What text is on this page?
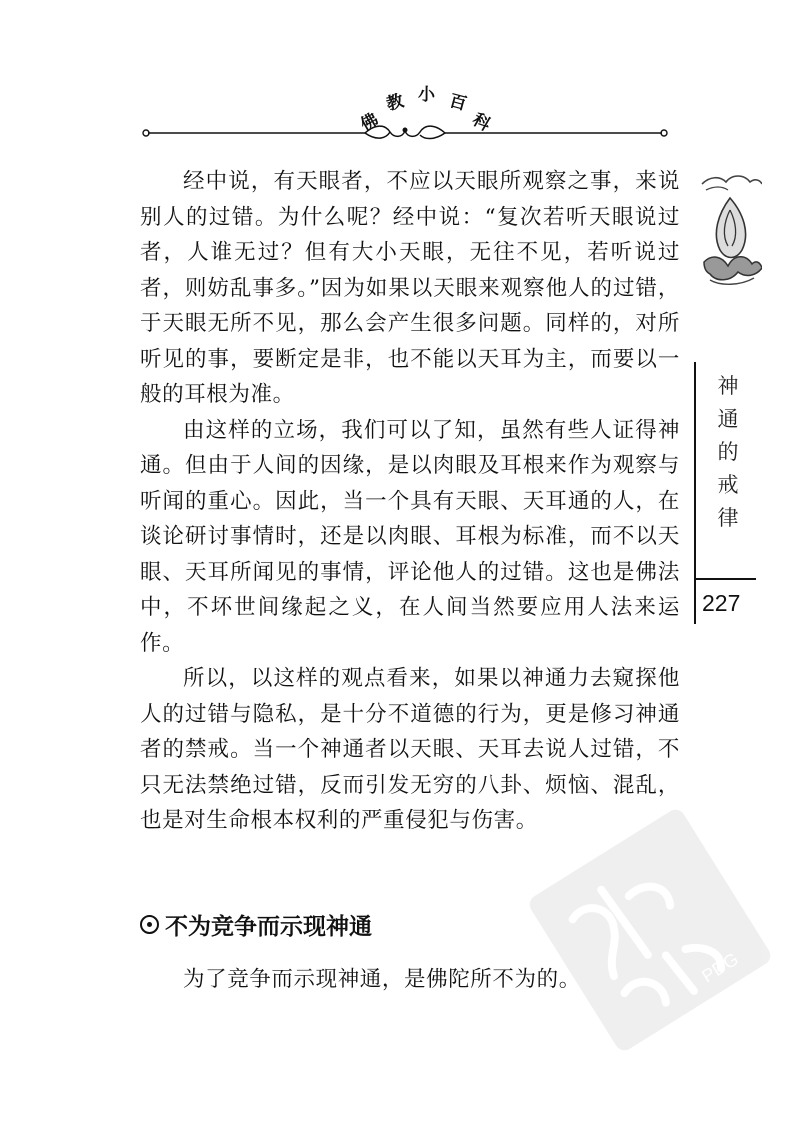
佛
教 小 百
科

经中说，有天眼者，不应以天眼所观察之事，来说别人的过错。为什么呢？经中说：“复次若听天眼说过者，人谁无过？但有大小天眼，无往不见，若听说过者，则妨乱事多。”因为如果以天眼来观察他人的过错，于天眼无所不见，那么会产生很多问题。同样的，对所听见的事，要断定是非，也不能以天耳为主，而要以一般的耳根为准。

由这样的立场，我们可以了知，虽然有些人证得神通。但由于人间的因缘，是以肉眼及耳根来作为观察与听闻的重心。因此，当一个具有天眼、天耳通的人，在谈论研讨事情时，还是以肉眼、耳根为标准，而不以天眼、天耳所闻见的事情，评论他人的过错。这也是佛法中，不坏世间缘起之义，在人间当然要应用人法来运作。

所以，以这样的观点看来，如果以神通力去窥探他人的过错与隐私，是十分不道德的行为，更是修习神通者的禁戒。当一个神通者以天眼、天耳去说人过错，不只无法禁绝过错，反而引发无穷的八卦、烦恼、混乱，也是对生命根本权利的严重侵犯与伤害。

不为竞争而示现神通

为了竞争而示现神通，是佛陀所不为的。

神
通
的
戒
律
227
PDG
